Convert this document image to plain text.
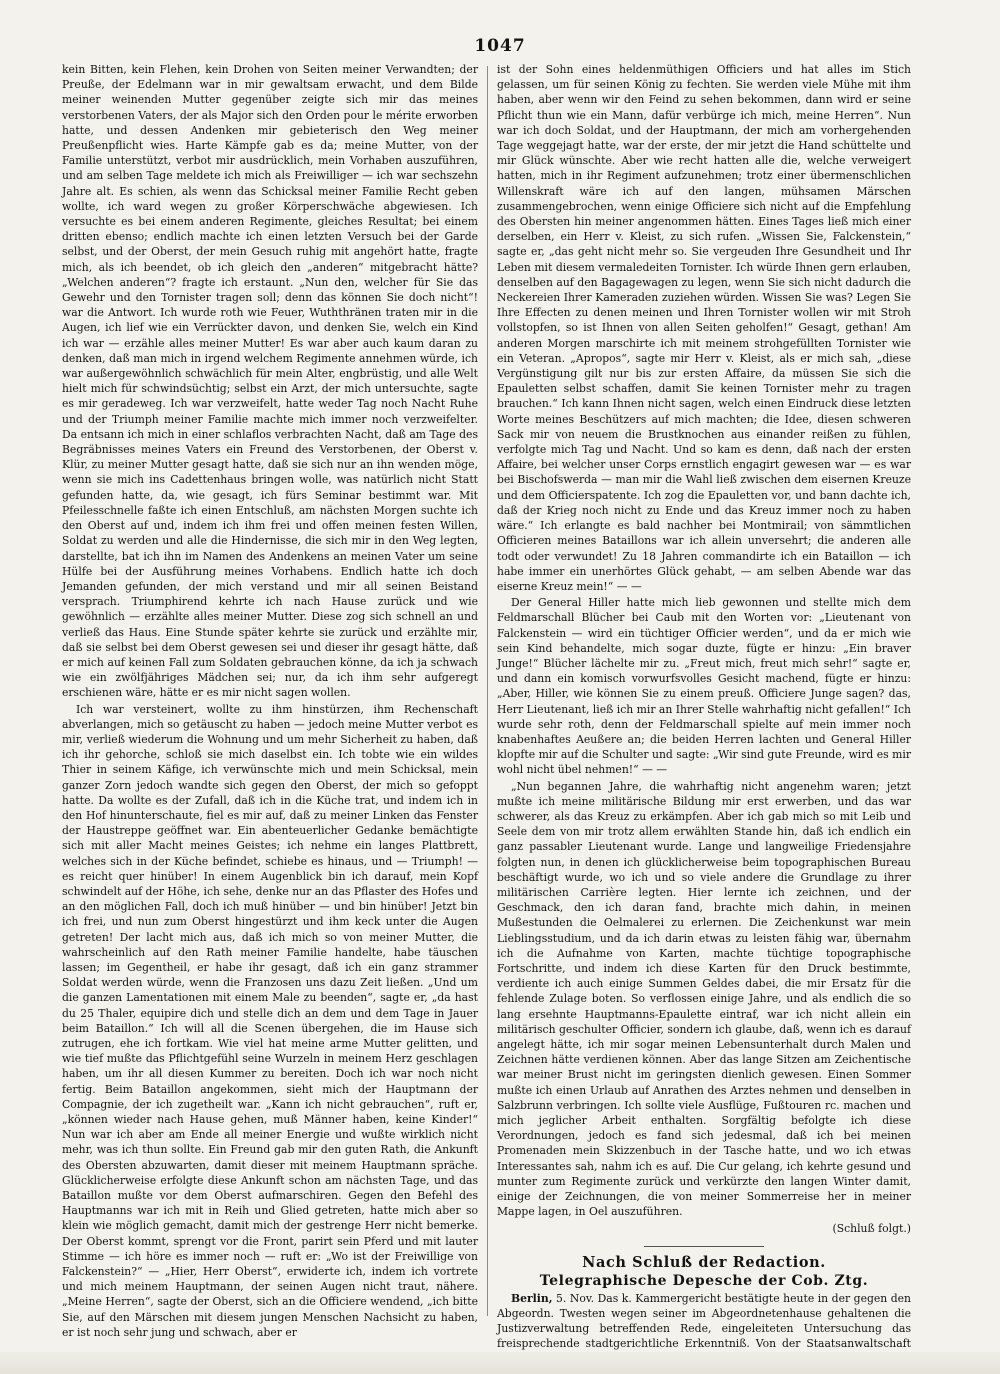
1047

kein Bitten, kein Flehen, kein Drohen von Seiten meiner Verwandten; der Preuße, der Edelmann war in mir gewaltsam erwacht, und dem Bilde meiner weinenden Mutter gegenüber zeigte sich mir das meines verstorbenen Vaters, der als Major sich den Orden pour le mérite erworben hatte, und dessen Andenken mir gebieterisch den Weg meiner Preußenpflicht wies. Harte Kämpfe gab es da; meine Mutter, von der Familie unterstützt, verbot mir ausdrücklich, mein Vorhaben auszuführen, und am selben Tage meldete ich mich als Freiwilliger — ich war sechszehn Jahre alt. Es schien, als wenn das Schicksal meiner Familie Recht geben wollte, ich ward wegen zu großer Körperschwäche abgewiesen. Ich versuchte es bei einem anderen Regimente, gleiches Resultat; bei einem dritten ebenso; endlich machte ich einen letzten Versuch bei der Garde selbst, und der Oberst, der mein Gesuch ruhig mit angehört hatte, fragte mich, als ich beendet, ob ich gleich den „anderen“ mitgebracht hätte? „Welchen anderen“? fragte ich erstaunt. „Nun den, welcher für Sie das Gewehr und den Tornister tragen soll; denn das können Sie doch nicht“! war die Antwort. Ich wurde roth wie Feuer, Wuththränen traten mir in die Augen, ich lief wie ein Verrückter davon, und denken Sie, welch ein Kind ich war — erzähle alles meiner Mutter! Es war aber auch kaum daran zu denken, daß man mich in irgend welchem Regimente annehmen würde, ich war außergewöhnlich schwächlich für mein Alter, engbrüstig, und alle Welt hielt mich für schwindsüchtig; selbst ein Arzt, der mich untersuchte, sagte es mir geradeweg. Ich war verzweifelt, hatte weder Tag noch Nacht Ruhe und der Triumph meiner Familie machte mich immer noch verzweifelter. Da entsann ich mich in einer schlaflos verbrachten Nacht, daß am Tage des Begräbnisses meines Vaters ein Freund des Verstorbenen, der Oberst v. Klür, zu meiner Mutter gesagt hatte, daß sie sich nur an ihn wenden möge, wenn sie mich ins Cadettenhaus bringen wolle, was natürlich nicht Statt gefunden hatte, da, wie gesagt, ich fürs Seminar bestimmt war. Mit Pfeilesschnelle faßte ich einen Entschluß, am nächsten Morgen suchte ich den Oberst auf und, indem ich ihm frei und offen meinen festen Willen, Soldat zu werden und alle die Hindernisse, die sich mir in den Weg legten, darstellte, bat ich ihn im Namen des Andenkens an meinen Vater um seine Hülfe bei der Ausführung meines Vorhabens. Endlich hatte ich doch Jemanden gefunden, der mich verstand und mir all seinen Beistand versprach. Triumphirend kehrte ich nach Hause zurück und wie gewöhnlich — erzählte alles meiner Mutter. Diese zog sich schnell an und verließ das Haus. Eine Stunde später kehrte sie zurück und erzählte mir, daß sie selbst bei dem Oberst gewesen sei und dieser ihr gesagt hätte, daß er mich auf keinen Fall zum Soldaten gebrauchen könne, da ich ja schwach wie ein zwölfjähriges Mädchen sei; nur, da ich ihm sehr aufgeregt erschienen wäre, hätte er es mir nicht sagen wollen.

Ich war versteinert, wollte zu ihm hinstürzen, ihm Rechenschaft abverlangen, mich so getäuscht zu haben — jedoch meine Mutter verbot es mir, verließ wiederum die Wohnung und um mehr Sicherheit zu haben, daß ich ihr gehorche, schloß sie mich daselbst ein. Ich tobte wie ein wildes Thier in seinem Käfige, ich verwünschte mich und mein Schicksal, mein ganzer Zorn jedoch wandte sich gegen den Oberst, der mich so gefoppt hatte. Da wollte es der Zufall, daß ich in die Küche trat, und indem ich in den Hof hinunterschaute, fiel es mir auf, daß zu meiner Linken das Fenster der Haustreppe geöffnet war. Ein abenteuerlicher Gedanke bemächtigte sich mit aller Macht meines Geistes; ich nehme ein langes Plattbrett, welches sich in der Küche befindet, schiebe es hinaus, und — Triumph! — es reicht quer hinüber! In einem Augenblick bin ich darauf, mein Kopf schwindelt auf der Höhe, ich sehe, denke nur an das Pflaster des Hofes und an den möglichen Fall, doch ich muß hinüber — und bin hinüber! Jetzt bin ich frei, und nun zum Oberst hingestürzt und ihm keck unter die Augen getreten! Der lacht mich aus, daß ich mich so von meiner Mutter, die wahrscheinlich auf den Rath meiner Familie handelte, habe täuschen lassen; im Gegentheil, er habe ihr gesagt, daß ich ein ganz strammer Soldat werden würde, wenn die Franzosen uns dazu Zeit ließen. „Und um die ganzen Lamentationen mit einem Male zu beenden“, sagte er, „da hast du 25 Thaler, equipire dich und stelle dich an dem und dem Tage in Jauer beim Bataillon.“ Ich will all die Scenen übergehen, die im Hause sich zutrugen, ehe ich fortkam. Wie viel hat meine arme Mutter gelitten, und wie tief mußte das Pflichtgefühl seine Wurzeln in meinem Herz geschlagen haben, um ihr all diesen Kummer zu bereiten. Doch ich war noch nicht fertig. Beim Bataillon angekommen, sieht mich der Hauptmann der Compagnie, der ich zugetheilt war. „Kann ich nicht gebrauchen“, ruft er, „können wieder nach Hause gehen, muß Männer haben, keine Kinder!“ Nun war ich aber am Ende all meiner Energie und wußte wirklich nicht mehr, was ich thun sollte. Ein Freund gab mir den guten Rath, die Ankunft des Obersten abzuwarten, damit dieser mit meinem Hauptmann spräche. Glücklicherweise erfolgte diese Ankunft schon am nächsten Tage, und das Bataillon mußte vor dem Oberst aufmarschiren. Gegen den Befehl des Hauptmanns war ich mit in Reih und Glied getreten, hatte mich aber so klein wie möglich gemacht, damit mich der gestrenge Herr nicht bemerke. Der Oberst kommt, sprengt vor die Front, parirt sein Pferd und mit lauter Stimme — ich höre es immer noch — ruft er: „Wo ist der Freiwillige von Falckenstein?“ — „Hier, Herr Oberst“, erwiderte ich, indem ich vortrete und mich meinem Hauptmann, der seinen Augen nicht traut, nähere. „Meine Herren“, sagte der Oberst, sich an die Officiere wendend, „ich bitte Sie, auf den Märschen mit diesem jungen Menschen Nachsicht zu haben, er ist noch sehr jung und schwach, aber er

ist der Sohn eines heldenmüthigen Officiers und hat alles im Stich gelassen, um für seinen König zu fechten. Sie werden viele Mühe mit ihm haben, aber wenn wir den Feind zu sehen bekommen, dann wird er seine Pflicht thun wie ein Mann, dafür verbürge ich mich, meine Herren“. Nun war ich doch Soldat, und der Hauptmann, der mich am vorhergehenden Tage weggejagt hatte, war der erste, der mir jetzt die Hand schüttelte und mir Glück wünschte. Aber wie recht hatten alle die, welche verweigert hatten, mich in ihr Regiment aufzunehmen; trotz einer übermenschlichen Willenskraft wäre ich auf den langen, mühsamen Märschen zusammengebrochen, wenn einige Officiere sich nicht auf die Empfehlung des Obersten hin meiner angenommen hätten. Eines Tages ließ mich einer derselben, ein Herr v. Kleist, zu sich rufen. „Wissen Sie, Falckenstein,“ sagte er, „das geht nicht mehr so. Sie vergeuden Ihre Gesundheit und Ihr Leben mit diesem vermaledeiten Tornister. Ich würde Ihnen gern erlauben, denselben auf den Bagagewagen zu legen, wenn Sie sich nicht dadurch die Neckereien Ihrer Kameraden zuziehen würden. Wissen Sie was? Legen Sie Ihre Effecten zu denen meinen und Ihren Tornister wollen wir mit Stroh vollstopfen, so ist Ihnen von allen Seiten geholfen!“ Gesagt, gethan! Am anderen Morgen marschirte ich mit meinem strohgefüllten Tornister wie ein Veteran. „Apropos“, sagte mir Herr v. Kleist, als er mich sah, „diese Vergünstigung gilt nur bis zur ersten Affaire, da müssen Sie sich die Epauletten selbst schaffen, damit Sie keinen Tornister mehr zu tragen brauchen.“ Ich kann Ihnen nicht sagen, welch einen Eindruck diese letzten Worte meines Beschützers auf mich machten; die Idee, diesen schweren Sack mir von neuem die Brustknochen aus einander reißen zu fühlen, verfolgte mich Tag und Nacht. Und so kam es denn, daß nach der ersten Affaire, bei welcher unser Corps ernstlich engagirt gewesen war — es war bei Bischofswerda — man mir die Wahl ließ zwischen dem eisernen Kreuze und dem Officierspatente. Ich zog die Epauletten vor, und bann dachte ich, daß der Krieg noch nicht zu Ende und das Kreuz immer noch zu haben wäre.“ Ich erlangte es bald nachher bei Montmirail; von sämmtlichen Officieren meines Bataillons war ich allein unversehrt; die anderen alle todt oder verwundet! Zu 18 Jahren commandirte ich ein Bataillon — ich habe immer ein unerhörtes Glück gehabt, — am selben Abende war das eiserne Kreuz mein!“ — —

Der General Hiller hatte mich lieb gewonnen und stellte mich dem Feldmarschall Blücher bei Caub mit den Worten vor: „Lieutenant von Falckenstein — wird ein tüchtiger Officier werden“, und da er mich wie sein Kind behandelte, mich sogar duzte, fügte er hinzu: „Ein braver Junge!“ Blücher lächelte mir zu. „Freut mich, freut mich sehr!“ sagte er, und dann ein komisch vorwurfsvolles Gesicht machend, fügte er hinzu: „Aber, Hiller, wie können Sie zu einem preuß. Officiere Junge sagen? das, Herr Lieutenant, ließ ich mir an Ihrer Stelle wahrhaftig nicht gefallen!“ Ich wurde sehr roth, denn der Feldmarschall spielte auf mein immer noch knabenhaftes Aeußere an; die beiden Herren lachten und General Hiller klopfte mir auf die Schulter und sagte: „Wir sind gute Freunde, wird es mir wohl nicht übel nehmen!“ — —

„Nun begannen Jahre, die wahrhaftig nicht angenehm waren; jetzt mußte ich meine militärische Bildung mir erst erwerben, und das war schwerer, als das Kreuz zu erkämpfen. Aber ich gab mich so mit Leib und Seele dem von mir trotz allem erwählten Stande hin, daß ich endlich ein ganz passabler Lieutenant wurde. Lange und langweilige Friedensjahre folgten nun, in denen ich glücklicherweise beim topographischen Bureau beschäftigt wurde, wo ich und so viele andere die Grundlage zu ihrer militärischen Carrière legten. Hier lernte ich zeichnen, und der Geschmack, den ich daran fand, brachte mich dahin, in meinen Mußestunden die Oelmalerei zu erlernen. Die Zeichenkunst war mein Lieblingsstudium, und da ich darin etwas zu leisten fähig war, übernahm ich die Aufnahme von Karten, machte tüchtige topographische Fortschritte, und indem ich diese Karten für den Druck bestimmte, verdiente ich auch einige Summen Geldes dabei, die mir Ersatz für die fehlende Zulage boten. So verflossen einige Jahre, und als endlich die so lang ersehnte Hauptmanns-Epaulette eintraf, war ich nicht allein ein militärisch geschulter Officier, sondern ich glaube, daß, wenn ich es darauf angelegt hätte, ich mir sogar meinen Lebensunterhalt durch Malen und Zeichnen hätte verdienen können. Aber das lange Sitzen am Zeichentische war meiner Brust nicht im geringsten dienlich gewesen. Einen Sommer mußte ich einen Urlaub auf Anrathen des Arztes nehmen und denselben in Salzbrunn verbringen. Ich sollte viele Ausflüge, Fußtouren rc. machen und mich jeglicher Arbeit enthalten. Sorgfältig befolgte ich diese Verordnungen, jedoch es fand sich jedesmal, daß ich bei meinen Promenaden mein Skizzenbuch in der Tasche hatte, und wo ich etwas Interessantes sah, nahm ich es auf. Die Cur gelang, ich kehrte gesund und munter zum Regimente zurück und verkürzte den langen Winter damit, einige der Zeichnungen, die von meiner Sommerreise her in meiner Mappe lagen, in Oel auszuführen.

(Schluß folgt.)
Nach Schluß der Redaction.
Telegraphische Depesche der Cob. Ztg.

Berlin, 5. Nov. Das k. Kammergericht bestätigte heute in der gegen den Abgeordn. Twesten wegen seiner im Abgeordnetenhause gehaltenen die Justizverwaltung betreffenden Rede, eingeleiteten Untersuchung das freisprechende stadtgerichtliche Erkenntniß. Von der Staatsanwaltschaft
